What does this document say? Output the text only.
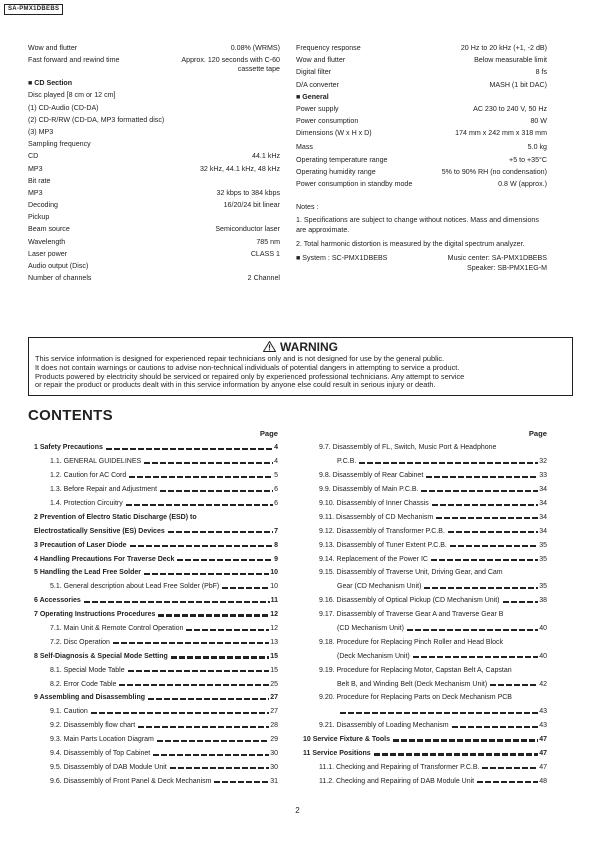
SA-PMX1DBEBS
Wow and flutter	0.08% (WRMS)
Fast forward and rewind time	Approx. 120 seconds with C-60 cassette tape
■ CD Section
Disc played [8 cm or 12 cm]
(1) CD-Audio (CD-DA)
(2) CD-R/RW (CD-DA, MP3 formatted disc)
(3) MP3
Sampling frequency
CD	44.1 kHz
MP3	32 kHz, 44.1 kHz, 48 kHz
Bit rate
MP3	32 kbps to 384 kbps
Decoding	16/20/24 bit linear
Pickup
Beam source	Semiconductor laser
Wavelength	785 nm
Laser power	CLASS 1
Audio output (Disc)
Number of channels	2 Channel
Frequency response	20 Hz to 20 kHz (+1, -2 dB)
Wow and flutter	Below measurable limit
Digital filter	8 fs
D/A converter	MASH (1 bit DAC)
■ General
Power supply	AC 230 to 240 V, 50 Hz
Power consumption	80 W
Dimensions (W x H x D)	174 mm x 242 mm x 318 mm
Mass	5.0 kg
Operating temperature range	+5 to +35°C
Operating humidity range	5% to 90% RH (no condensation)
Power consumption in standby mode	0.8 W (approx.)
Notes :
1. Specifications are subject to change without notices. Mass and dimensions are approximate.
2. Total harmonic distortion is measured by the digital spectrum analyzer.
■ System : SC-PMX1DBEBS	Music center: SA-PMX1DBEBS
Speaker: SB-PMX1EG-M
WARNING
This service information is designed for experienced repair technicians only and is not designed for use by the general public.
It does not contain warnings or cautions to advise non-technical individuals of potential dangers in attempting to service a product.
Products powered by electricity should be serviced or repaired only by experienced professional technicians. Any attempt to service
or repair the product or products dealt with in this service information by anyone else could result in serious injury or death.
CONTENTS
Page
1 Safety Precautions	4
1.1. GENERAL GUIDELINES	4
1.2. Caution for AC Cord	5
1.3. Before Repair and Adjustment	6
1.4. Protection Circuitry	6
2 Prevention of Electro Static Discharge (ESD) to
Electrostatically Sensitive (ES) Devices	7
3 Precaution of Laser Diode	8
4 Handling Precautions For Traverse Deck	9
5 Handling the Lead Free Solder	10
5.1. General description about Lead Free Solder (PbF)	10
6 Accessories	11
7 Operating Instructions Procedures	12
7.1. Main Unit & Remote Control Operation	12
7.2. Disc Operation	13
8 Self-Diagnosis & Special Mode Setting	15
8.1. Special Mode Table	15
8.2. Error Code Table	25
9 Assembling and Disassembling	27
9.1. Caution	27
9.2. Disassembly flow chart	28
9.3. Main Parts Location Diagram	29
9.4. Disassembly of Top Cabinet	30
9.5. Disassembly of DAB Module Unit	30
9.6. Disassembly of Front Panel & Deck Mechanism	31
Page
9.7. Disassembly of FL, Switch, Music Port & Headphone
P.C.B.	32
9.8. Disassembly of Rear Cabinet	33
9.9. Disassembly of Main P.C.B.	34
9.10. Disassembly of Inner Chassis	34
9.11. Disassembly of CD Mechanism	34
9.12. Disassembly of Transformer P.C.B.	34
9.13. Disassembly of Tuner Extent P.C.B.	35
9.14. Replacement of the Power IC	35
9.15. Disassembly of Traverse Unit, Driving Gear, and Cam
Gear (CD Mechanism Unit)	35
9.16. Disassembly of Optical Pickup (CD Mechanism Unit)	38
9.17. Disassembly of Traverse Gear A and Traverse Gear B
(CD Mechanism Unit)	40
9.18. Procedure for Replacing Pinch Roller and Head Block
(Deck Mechanism Unit)	40
9.19. Procedure for Replacing Motor, Capstan Belt A, Capstan
Belt B, and Winding Belt (Deck Mechanism Unit)	42
9.20. Procedure for Replacing Parts on Deck Mechanism PCB
43
9.21. Disassembly of Loading Mechanism	43
10 Service Fixture & Tools	47
11 Service Positions	47
11.1. Checking and Repairing of Transformer P.C.B.	47
11.2. Checking and Repairing of DAB Module Unit	48
2
